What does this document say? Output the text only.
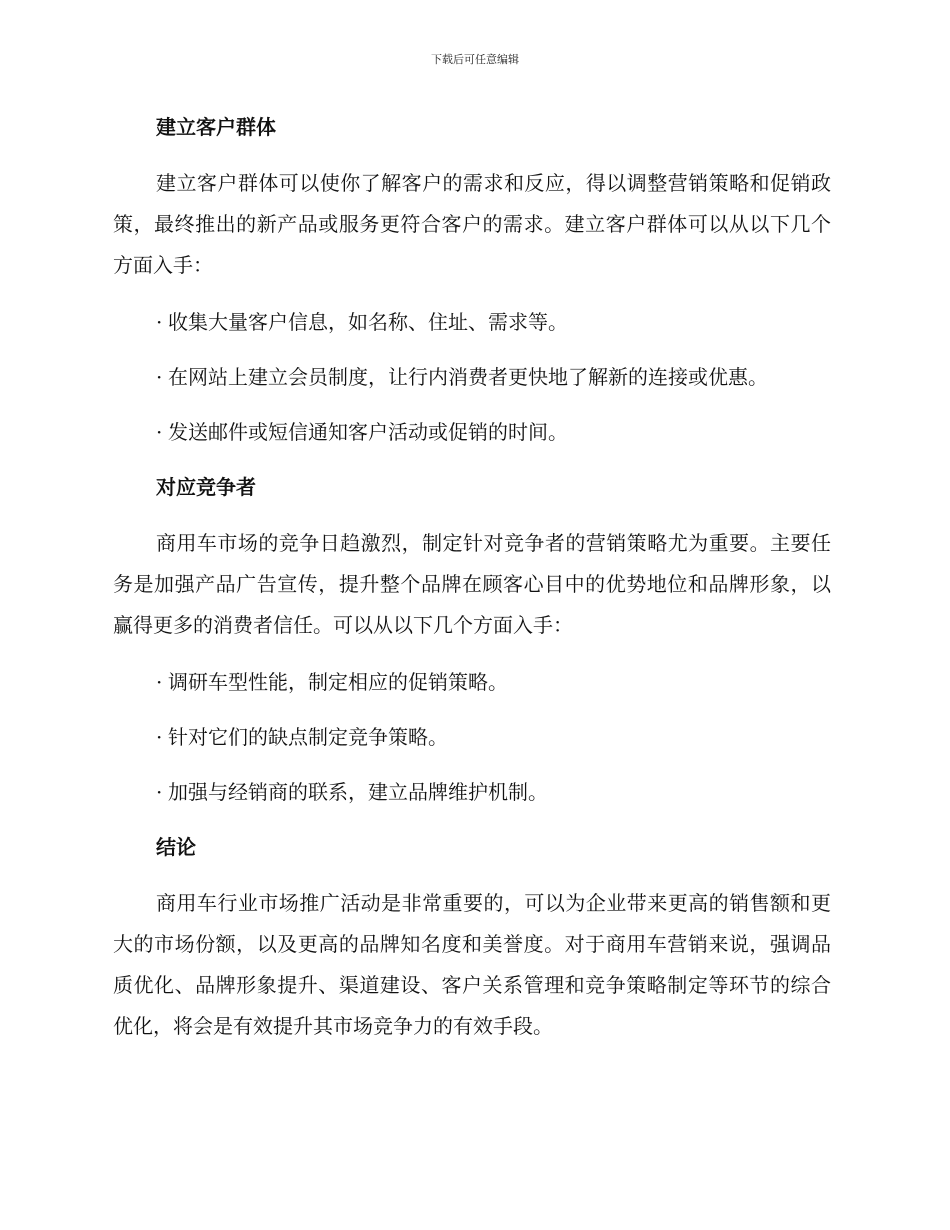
下载后可任意编辑
建立客户群体

建立客户群体可以使你了解客户的需求和反应，得以调整营销策略和促销政策，最终推出的新产品或服务更符合客户的需求。建立客户群体可以从以下几个方面入手：

· 收集大量客户信息，如名称、住址、需求等。
· 在网站上建立会员制度，让行内消费者更快地了解新的连接或优惠。
· 发送邮件或短信通知客户活动或促销的时间。
对应竞争者

商用车市场的竞争日趋激烈，制定针对竞争者的营销策略尤为重要。主要任务是加强产品广告宣传，提升整个品牌在顾客心目中的优势地位和品牌形象，以赢得更多的消费者信任。可以从以下几个方面入手：

· 调研车型性能，制定相应的促销策略。
· 针对它们的缺点制定竞争策略。
· 加强与经销商的联系，建立品牌维护机制。
结论

商用车行业市场推广活动是非常重要的，可以为企业带来更高的销售额和更大的市场份额，以及更高的品牌知名度和美誉度。对于商用车营销来说，强调品质优化、品牌形象提升、渠道建设、客户关系管理和竞争策略制定等环节的综合优化，将会是有效提升其市场竞争力的有效手段。
